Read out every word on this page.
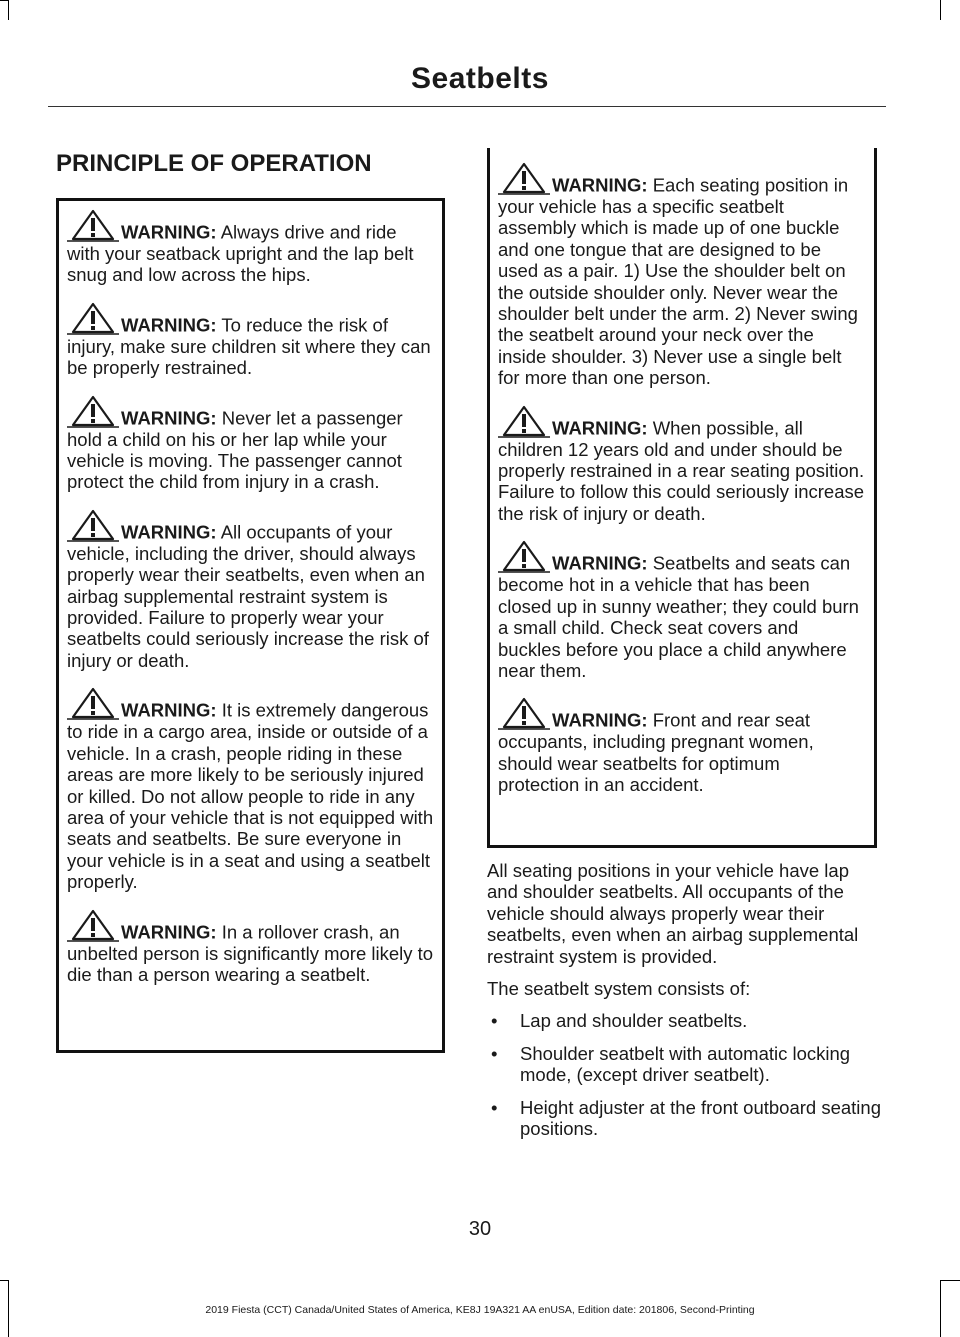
Seatbelts
PRINCIPLE OF OPERATION

WARNING: Always drive and ride with your seatback upright and the lap belt snug and low across the hips.

WARNING: To reduce the risk of injury, make sure children sit where they can be properly restrained.

WARNING: Never let a passenger hold a child on his or her lap while your vehicle is moving. The passenger cannot protect the child from injury in a crash.

WARNING: All occupants of your vehicle, including the driver, should always properly wear their seatbelts, even when an airbag supplemental restraint system is provided. Failure to properly wear your seatbelts could seriously increase the risk of injury or death.

WARNING: It is extremely dangerous to ride in a cargo area, inside or outside of a vehicle. In a crash, people riding in these areas are more likely to be seriously injured or killed. Do not allow people to ride in any area of your vehicle that is not equipped with seats and seatbelts. Be sure everyone in your vehicle is in a seat and using a seatbelt properly.

WARNING: In a rollover crash, an unbelted person is significantly more likely to die than a person wearing a seatbelt.

WARNING: Each seating position in your vehicle has a specific seatbelt assembly which is made up of one buckle and one tongue that are designed to be used as a pair. 1) Use the shoulder belt on the outside shoulder only. Never wear the shoulder belt under the arm. 2) Never swing the seatbelt around your neck over the inside shoulder. 3) Never use a single belt for more than one person.

WARNING: When possible, all children 12 years old and under should be properly restrained in a rear seating position. Failure to follow this could seriously increase the risk of injury or death.

WARNING: Seatbelts and seats can become hot in a vehicle that has been closed up in sunny weather; they could burn a small child. Check seat covers and buckles before you place a child anywhere near them.

WARNING: Front and rear seat occupants, including pregnant women, should wear seatbelts for optimum protection in an accident.

All seating positions in your vehicle have lap and shoulder seatbelts. All occupants of the vehicle should always properly wear their seatbelts, even when an airbag supplemental restraint system is provided.

The seatbelt system consists of:

• Lap and shoulder seatbelts.
• Shoulder seatbelt with automatic locking mode, (except driver seatbelt).
• Height adjuster at the front outboard seating positions.
30
2019 Fiesta (CCT) Canada/United States of America, KE8J 19A321 AA enUSA, Edition date: 201806, Second-Printing
